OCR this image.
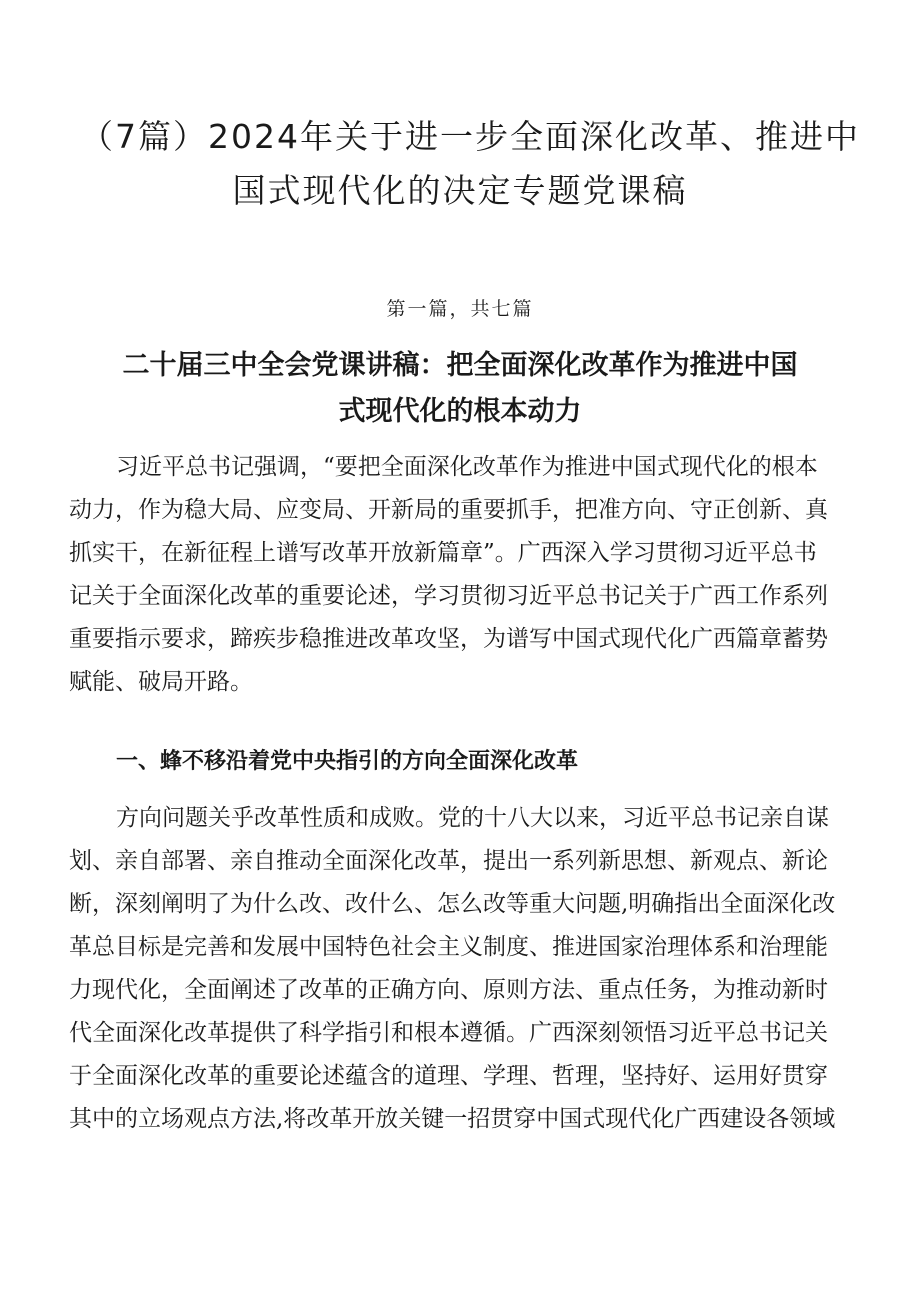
（7篇）2024年关于进一步全面深化改革、推进中
国式现代化的决定专题党课稿

第一篇，共七篇

二十届三中全会党课讲稿：把全面深化改革作为推进中国
式现代化的根本动力

习近平总书记强调，“要把全面深化改革作为推进中国式现代化的根本
动力，作为稳大局、应变局、开新局的重要抓手，把准方向、守正创新、真
抓实干，在新征程上谱写改革开放新篇章”。广西深入学习贯彻习近平总书
记关于全面深化改革的重要论述，学习贯彻习近平总书记关于广西工作系列
重要指示要求，蹄疾步稳推进改革攻坚，为谱写中国式现代化广西篇章蓄势
赋能、破局开路。

一、蜂不移沿着党中央指引的方向全面深化改革

方向问题关乎改革性质和成败。党的十八大以来，习近平总书记亲自谋
划、亲自部署、亲自推动全面深化改革，提出一系列新思想、新观点、新论
断，深刻阐明了为什么改、改什么、怎么改等重大问题,明确指出全面深化改
革总目标是完善和发展中国特色社会主义制度、推进国家治理体系和治理能
力现代化，全面阐述了改革的正确方向、原则方法、重点任务，为推动新时
代全面深化改革提供了科学指引和根本遵循。广西深刻领悟习近平总书记关
于全面深化改革的重要论述蕴含的道理、学理、哲理，坚持好、运用好贯穿
其中的立场观点方法,将改革开放关键一招贯穿中国式现代化广西建设各领域
